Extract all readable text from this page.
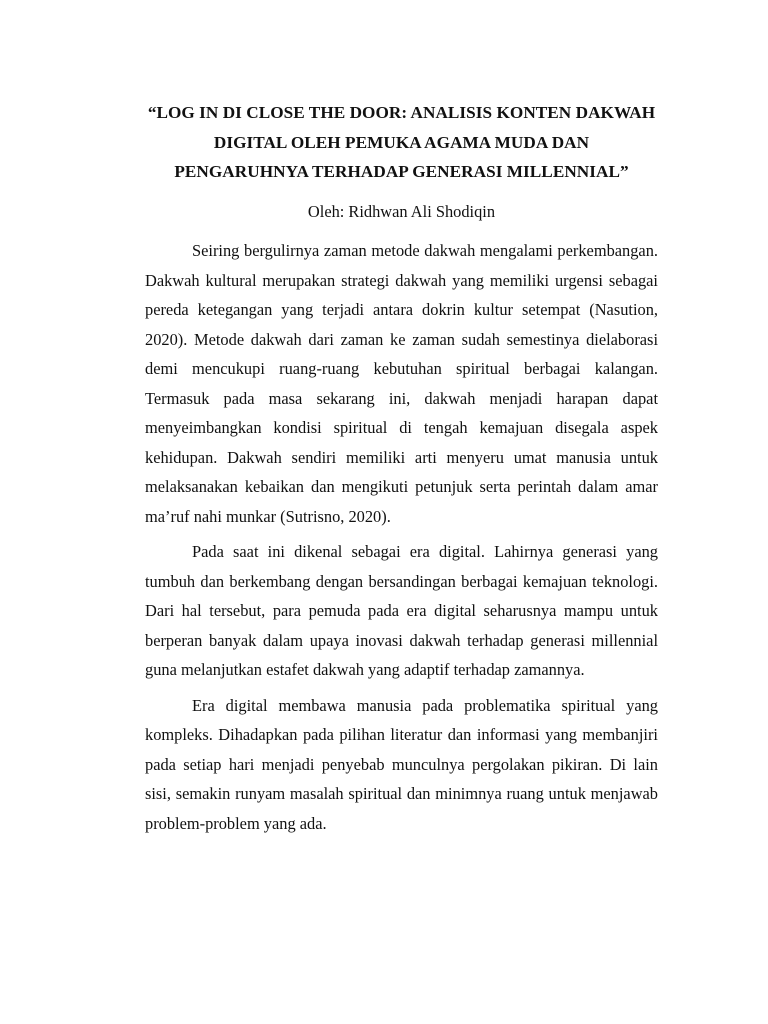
“LOG IN DI CLOSE THE DOOR: ANALISIS KONTEN DAKWAH DIGITAL OLEH PEMUKA AGAMA MUDA DAN PENGARUHNYA TERHADAP GENERASI MILLENNIAL”

Oleh: Ridhwan Ali Shodiqin

Seiring bergulirnya zaman metode dakwah mengalami perkembangan. Dakwah kultural merupakan strategi dakwah yang memiliki urgensi sebagai pereda ketegangan yang terjadi antara dokrin kultur setempat (Nasution, 2020). Metode dakwah dari zaman ke zaman sudah semestinya dielaborasi demi mencukupi ruang-ruang kebutuhan spiritual berbagai kalangan. Termasuk pada masa sekarang ini, dakwah menjadi harapan dapat menyeimbangkan kondisi spiritual di tengah kemajuan disegala aspek kehidupan. Dakwah sendiri memiliki arti menyeru umat manusia untuk melaksanakan kebaikan dan mengikuti petunjuk serta perintah dalam amar ma’ruf nahi munkar (Sutrisno, 2020).

Pada saat ini dikenal sebagai era digital. Lahirnya generasi yang tumbuh dan berkembang dengan bersandingan berbagai kemajuan teknologi. Dari hal tersebut, para pemuda pada era digital seharusnya mampu untuk berperan banyak dalam upaya inovasi dakwah terhadap generasi millennial guna melanjutkan estafet dakwah yang adaptif terhadap zamannya.

Era digital membawa manusia pada problematika spiritual yang kompleks. Dihadapkan pada pilihan literatur dan informasi yang membanjiri pada setiap hari menjadi penyebab munculnya pergolakan pikiran. Di lain sisi, semakin runyam masalah spiritual dan minimnya ruang untuk menjawab problem-problem yang ada.
